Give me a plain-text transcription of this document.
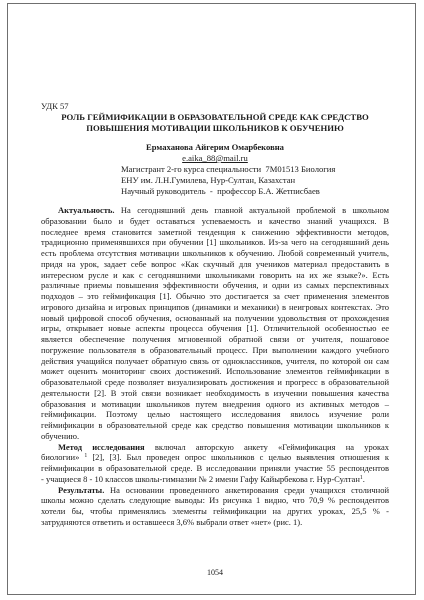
УДК 57
РОЛЬ ГЕЙМИФИКАЦИИ В ОБРАЗОВАТЕЛЬНОЙ СРЕДЕ КАК СРЕДСТВО
ПОВЫШЕНИЯ МОТИВАЦИИ ШКОЛЬНИКОВ К ОБУЧЕНИЮ
Ермаханова Айгерим Омарбековна
e.aika_88@mail.ru
Магистрант 2-го курса специальности  7M01513 Биология
ЕНУ им. Л.Н.Гумилева, Нур-Султан, Казахстан
Научный руководитель  -  профессор Б.А. Жетписбаев
Актуальность. На сегодняшний день главной актуальной проблемой в школьном
образовании было и будет оставаться успеваемость и качество знаний учащихся. В
последнее время становится заметной тенденция к снижению эффективности методов,
традиционно применявшихся при обучении [1] школьников. Из-за чего на сегодняшний день
есть проблема отсутствия мотивации школьников к обучению. Любой современный учитель,
придя на урок, задает себе вопрос «Как скучный для учеников материал предоставить в
интересном русле и как с сегодняшними школьниками говорить на их же языке?». Есть
различные приемы повышения эффективности обучения, и одни из самых перспективных
подходов – это геймификация [1]. Обычно это достигается за счет применения элементов
игрового дизайна и игровых принципов (динамики и механики) в неигровых контекстах. Это
новый цифровой способ обучения, основанный на получении удовольствия от прохождения
игры, открывает новые аспекты процесса обучения [1]. Отличительной особенностью ее
является обеспечение получения мгновенной обратной связи от учителя, пошаговое
погружение пользователя в образовательный процесс. При выполнении каждого учебного
действия учащийся получает обратную связь от одноклассников, учителя, по которой он сам
может оценить мониторинг своих достижений. Использование элементов геймификации в
образовательной среде позволяет визуализировать достижения и прогресс в образовательной
деятельности [2]. В этой связи возникает необходимость в изучении повышения качества
образования и мотивации школьников путем внедрения одного из активных методов –
геймификации. Поэтому целью настоящего исследования явилось изучение роли
геймификации в образовательной среде как средство повышения мотивации школьников к
обучению.
Метод исследования включал авторскую анкету «Геймификация на уроках
биологии» $^1$ [2], [3]. Был проведен опрос школьников с целью выявления отношения к
геймификации в образовательной среде. В исследовании приняли участие 55 респондентов
- учащиеся 8 - 10 классов школы-гимназии № 2 имени Гафу Кайырбекова г. Нур-Султан$^1$.
Результаты. На основании проведенного анкетирования среди учащихся столичной
школы можно сделать следующие выводы: Из рисунка 1 видно, что 70,9 % респондентов
хотели бы, чтобы применялись элементы геймификации на других уроках, 25,5 % -
затрудняются ответить и оставшееся 3,6% выбрали ответ «нет» (рис. 1).
1054
